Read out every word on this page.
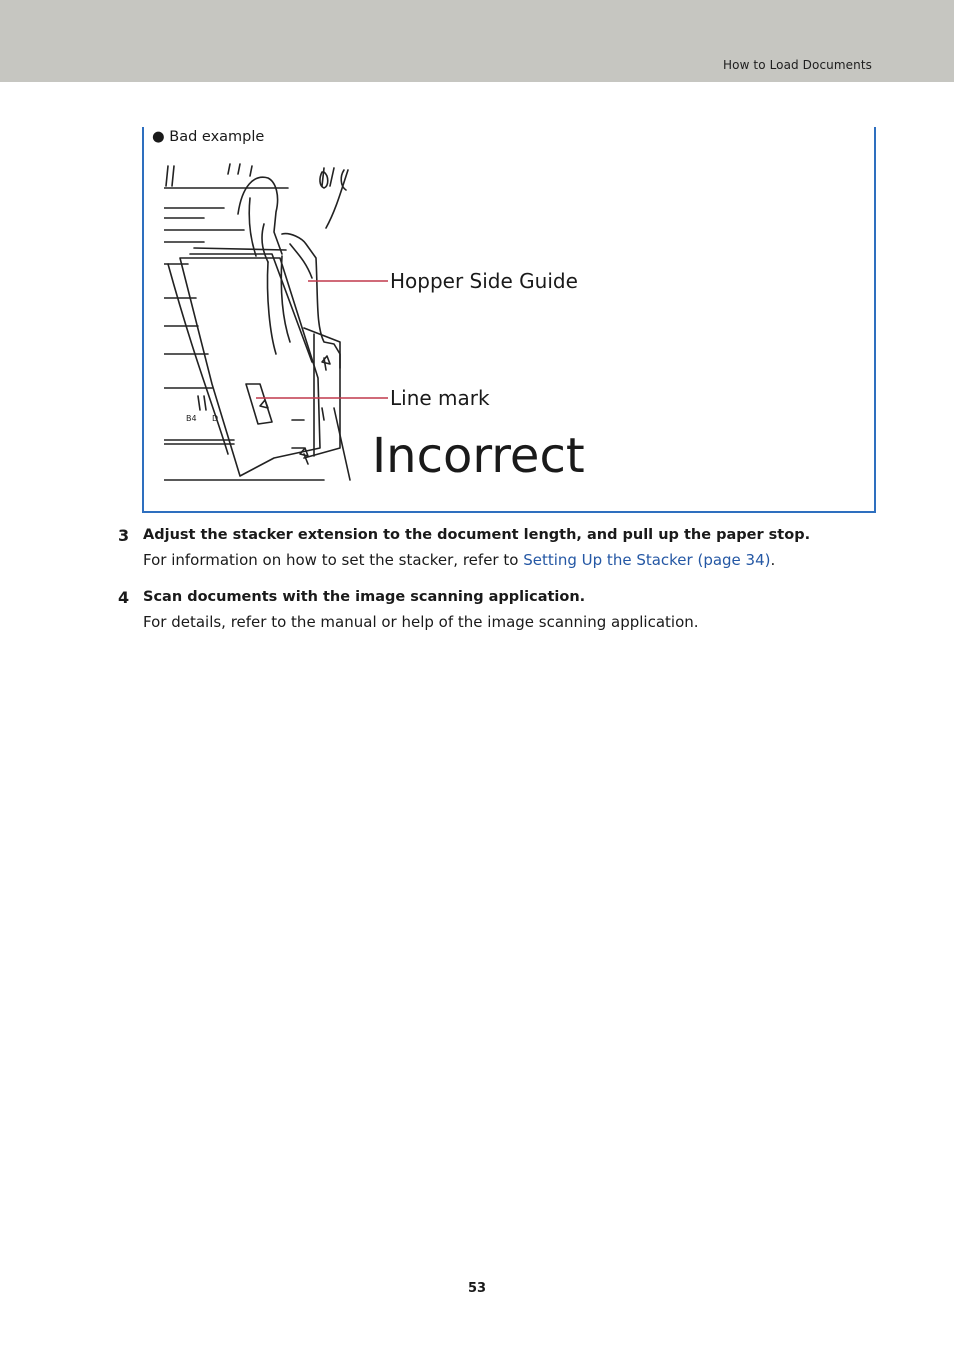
How to Load Documents
● Bad example
B4 D
Hopper Side Guide
Line mark
Incorrect
3 Adjust the stacker extension to the document length, and pull up the paper stop.
For information on how to set the stacker, refer to Setting Up the Stacker (page 34).
4 Scan documents with the image scanning application.
For details, refer to the manual or help of the image scanning application.
53
